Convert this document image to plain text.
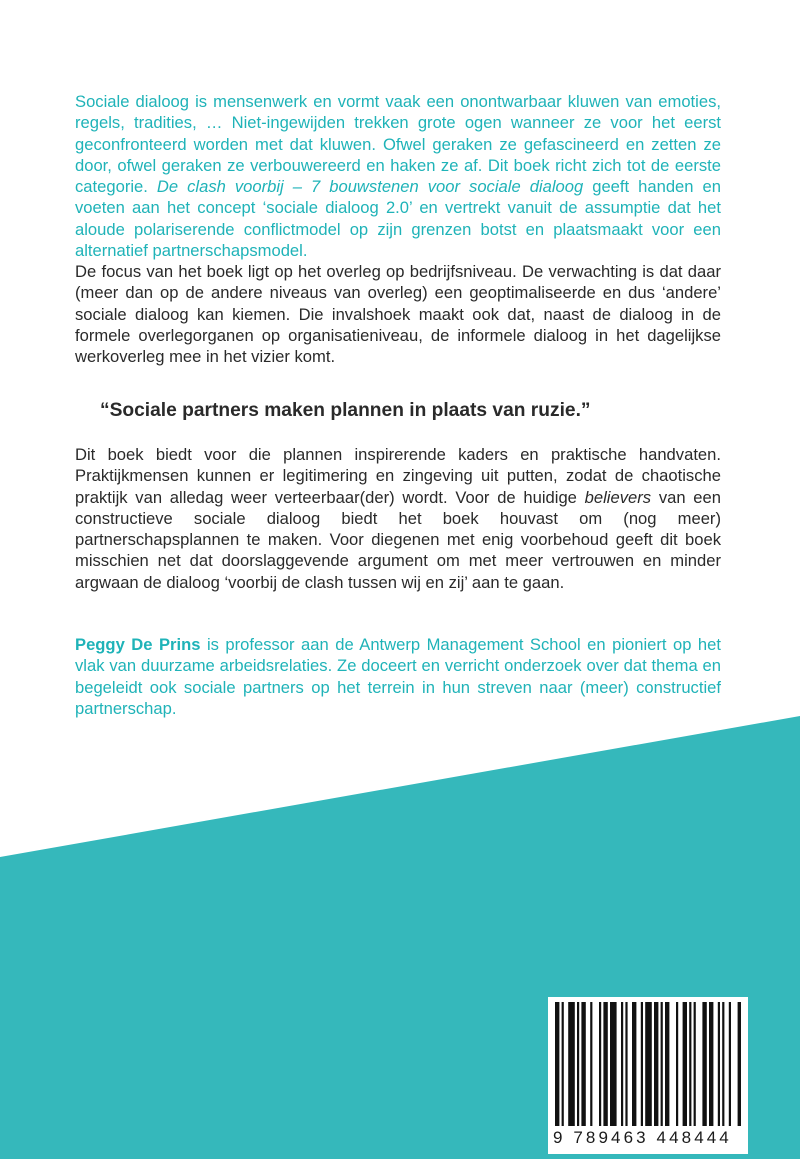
Sociale dialoog is mensenwerk en vormt vaak een onontwarbaar kluwen van emoties, regels, tradities, … Niet-ingewijden trekken grote ogen wanneer ze voor het eerst geconfronteerd worden met dat kluwen. Ofwel geraken ze gefascineerd en zetten ze door, ofwel geraken ze verbouwereerd en haken ze af. Dit boek richt zich tot de eerste categorie. De clash voorbij – 7 bouwstenen voor sociale dialoog geeft handen en voeten aan het concept ‘sociale dialoog 2.0’ en vertrekt vanuit de assumptie dat het aloude polariserende conflictmodel op zijn grenzen botst en plaatsmaakt voor een alternatief partnerschapsmodel.

De focus van het boek ligt op het overleg op bedrijfsniveau. De verwachting is dat daar (meer dan op de andere niveaus van overleg) een geoptimaliseerde en dus ‘andere’ sociale dialoog kan kiemen. Die invalshoek maakt ook dat, naast de dialoog in de formele overlegorganen op organisatieniveau, de informele dialoog in het dagelijkse werkoverleg mee in het vizier komt.

“Sociale partners maken plannen in plaats van ruzie.”

Dit boek biedt voor die plannen inspirerende kaders en praktische handvaten. Praktijkmensen kunnen er legitimering en zingeving uit putten, zodat de chaotische praktijk van alledag weer verteerbaar(der) wordt. Voor de huidige believers van een constructieve sociale dialoog biedt het boek houvast om (nog meer) partnerschapsplannen te maken. Voor diegenen met enig voorbehoud geeft dit boek misschien net dat doorslaggevende argument om met meer vertrouwen en minder argwaan de dialoog ‘voorbij de clash tussen wij en zij’ aan te gaan.

Peggy De Prins is professor aan de Antwerp Management School en pioniert op het vlak van duurzame arbeidsrelaties. Ze doceert en verricht onderzoek over dat thema en begeleidt ook sociale partners op het terrein in hun streven naar (meer) constructief partnerschap.

9 789463 448444
